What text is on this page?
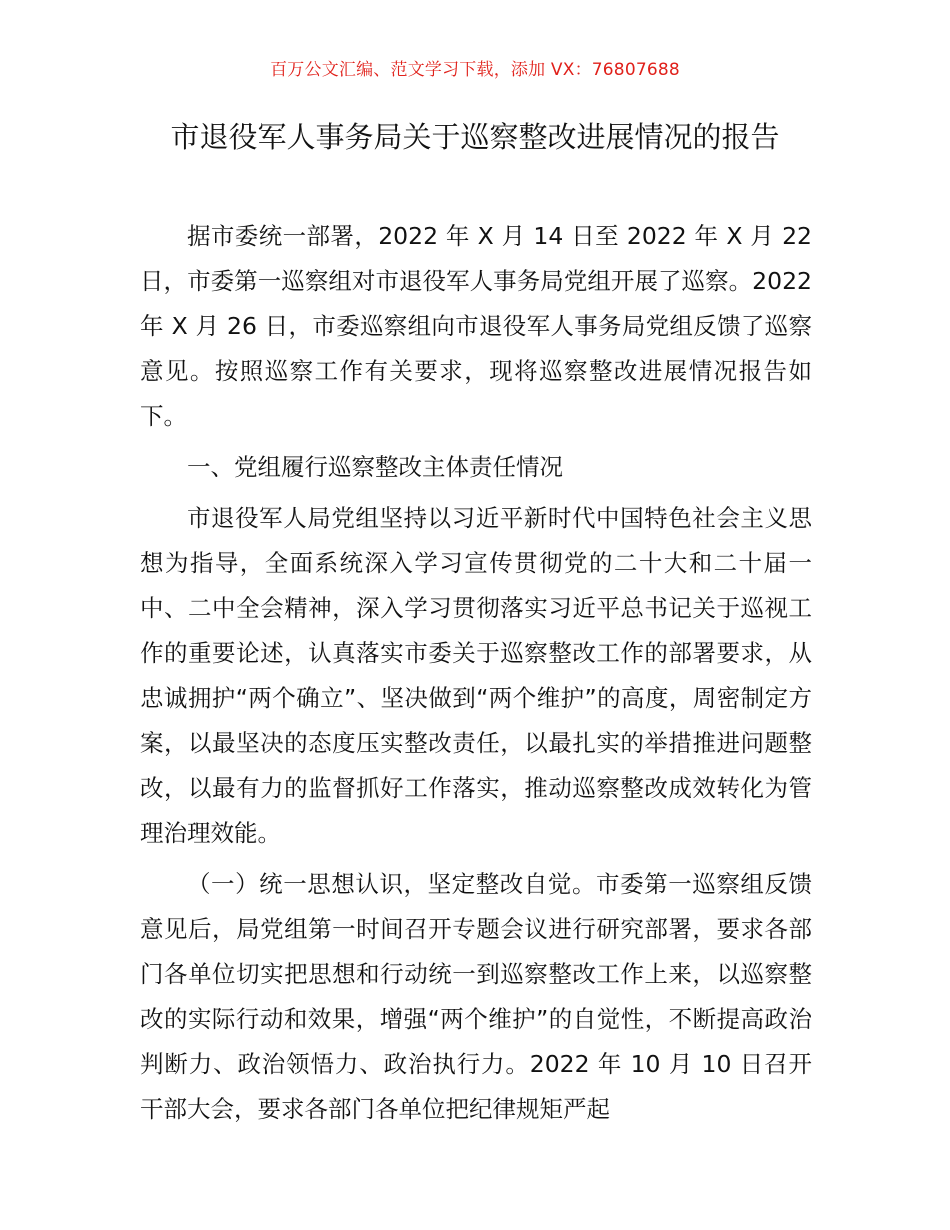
百万公文汇编、范文学习下载，添加 VX：76807688
市退役军人事务局关于巡察整改进展情况的报告

据市委统一部署，2022 年 X 月 14 日至 2022 年 X 月 22 日，市委第一巡察组对市退役军人事务局党组开展了巡察。2022 年 X 月 26 日，市委巡察组向市退役军人事务局党组反馈了巡察意见。按照巡察工作有关要求，现将巡察整改进展情况报告如下。

一、党组履行巡察整改主体责任情况

市退役军人局党组坚持以习近平新时代中国特色社会主义思想为指导，全面系统深入学习宣传贯彻党的二十大和二十届一中、二中全会精神，深入学习贯彻落实习近平总书记关于巡视工作的重要论述，认真落实市委关于巡察整改工作的部署要求，从忠诚拥护“两个确立”、坚决做到“两个维护”的高度，周密制定方案，以最坚决的态度压实整改责任，以最扎实的举措推进问题整改，以最有力的监督抓好工作落实，推动巡察整改成效转化为管理治理效能。

（一）统一思想认识，坚定整改自觉。市委第一巡察组反馈意见后，局党组第一时间召开专题会议进行研究部署，要求各部门各单位切实把思想和行动统一到巡察整改工作上来，以巡察整改的实际行动和效果，增强“两个维护”的自觉性，不断提高政治判断力、政治领悟力、政治执行力。2022 年 10 月 10 日召开干部大会，要求各部门各单位把纪律规矩严起
